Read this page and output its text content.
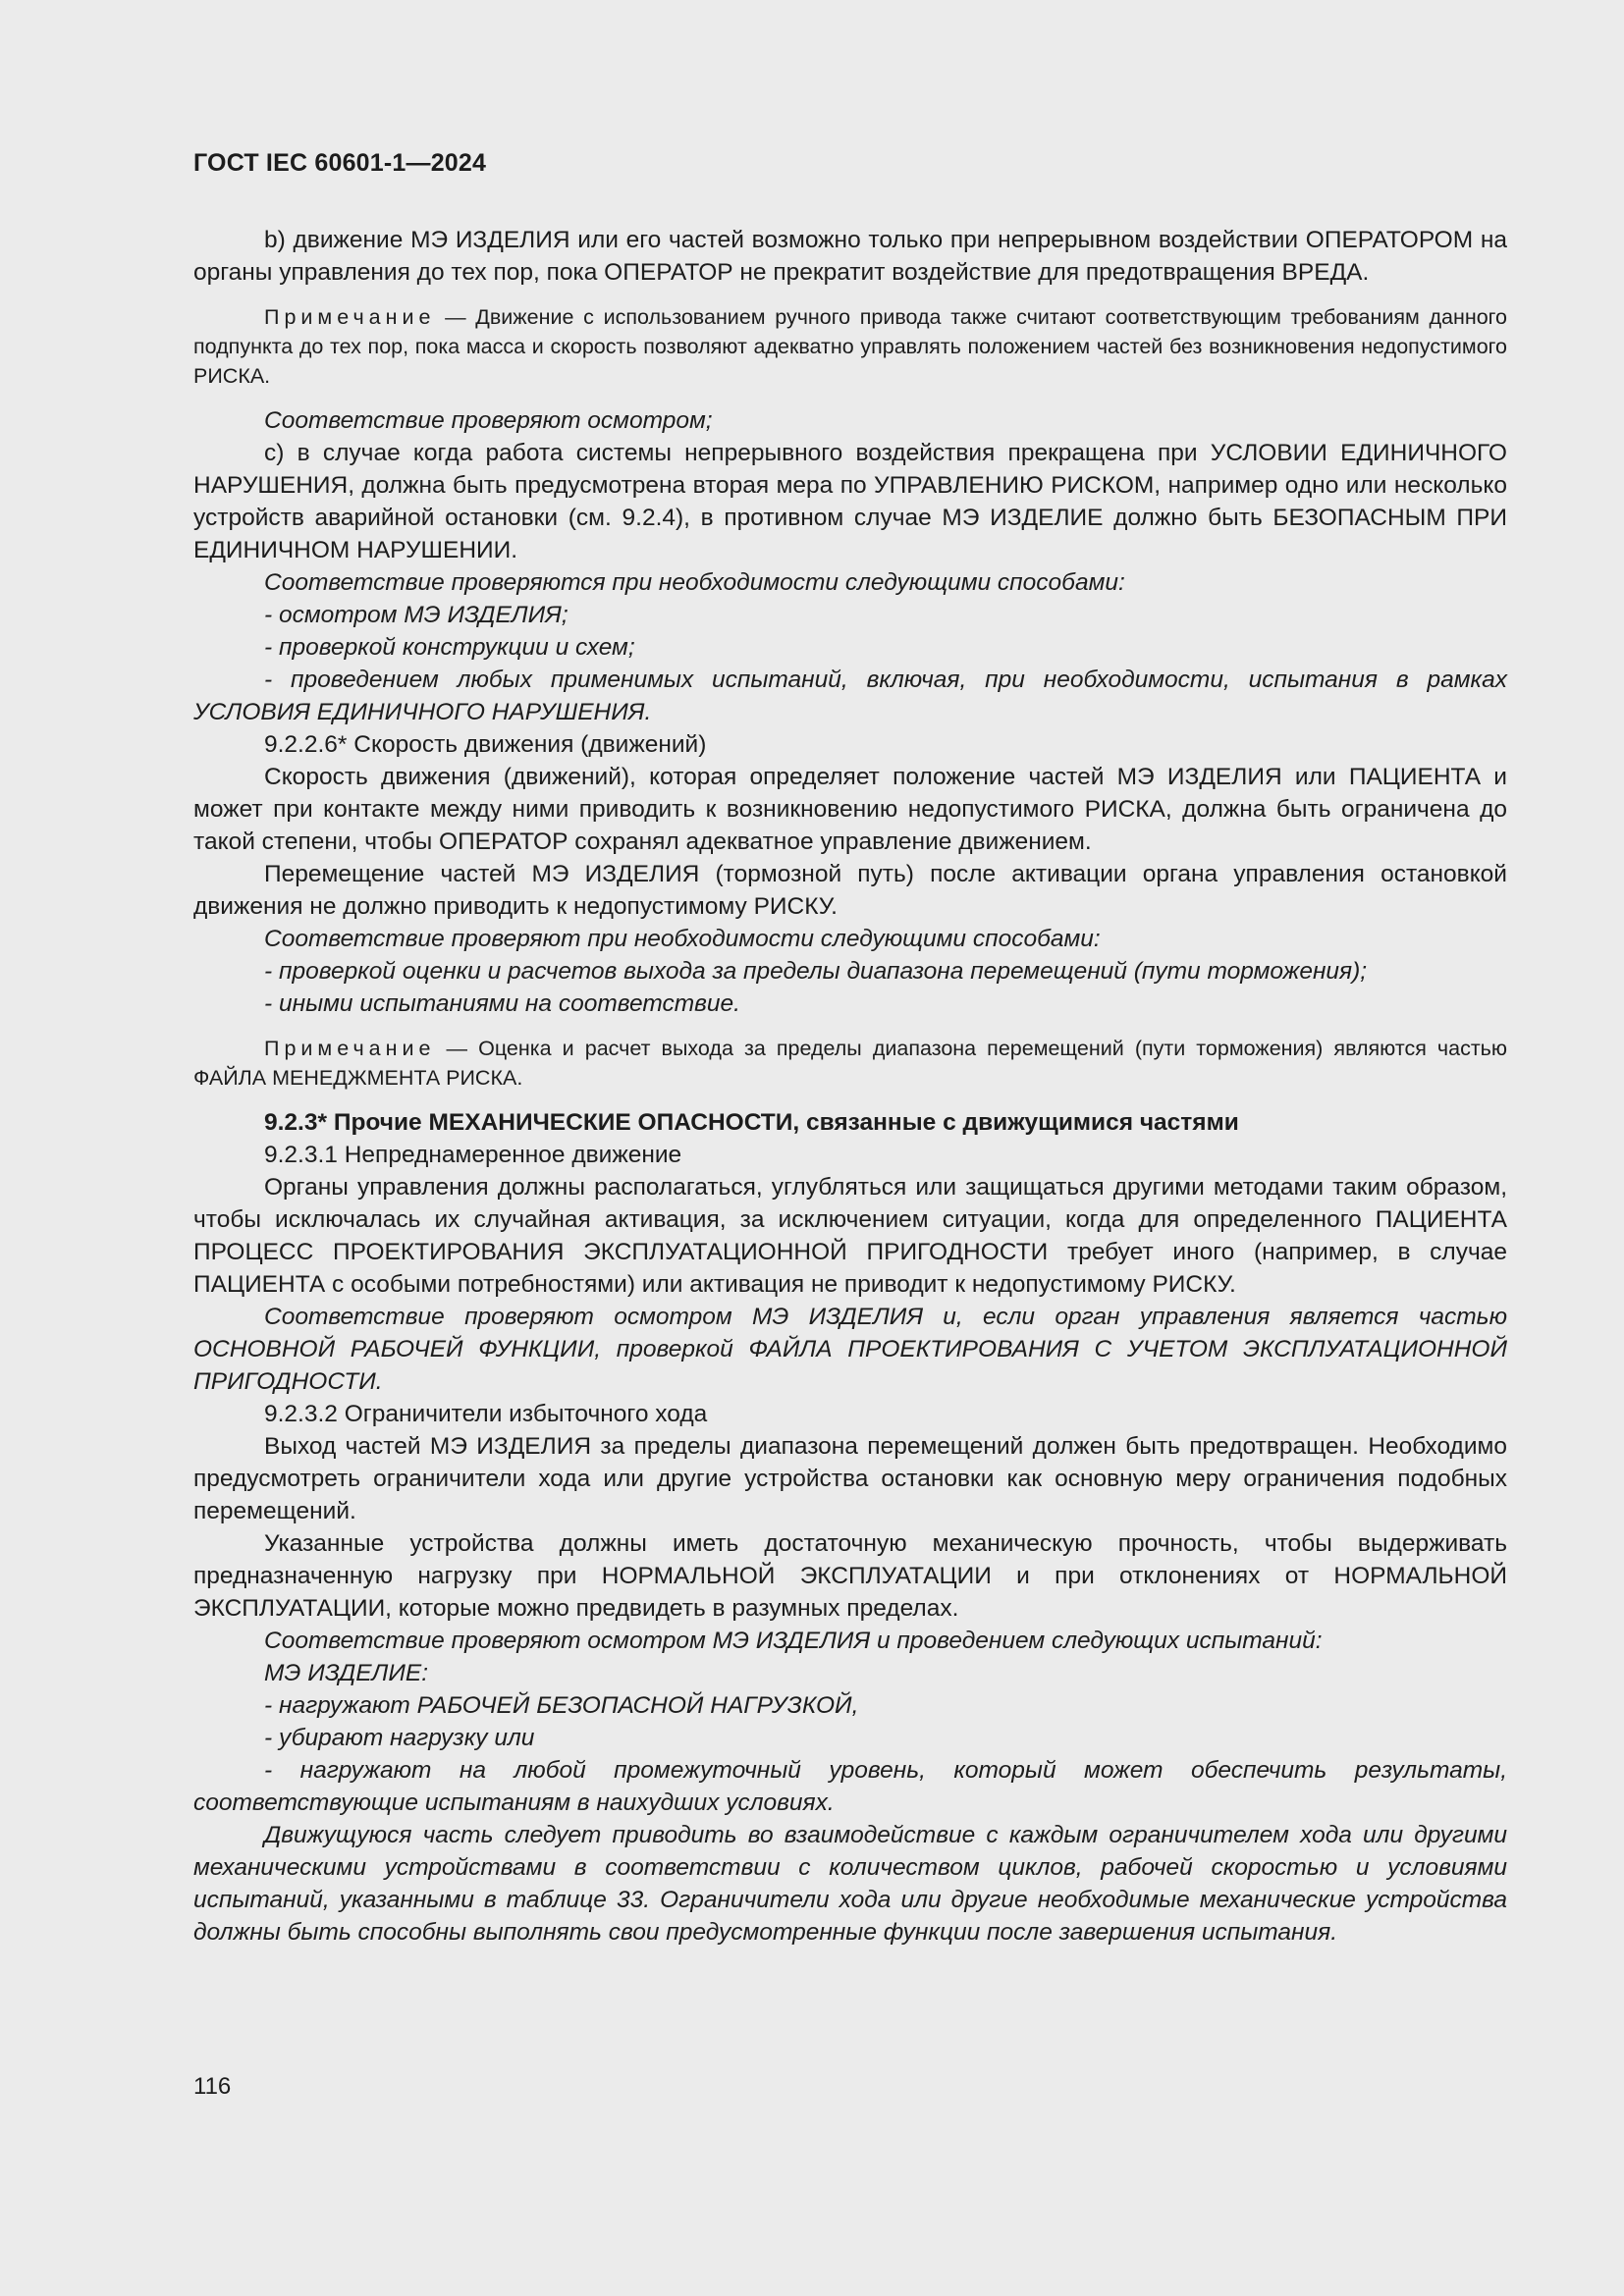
ГОСТ IEC 60601-1—2024

b) движение МЭ ИЗДЕЛИЯ или его частей возможно только при непрерывном воздействии ОПЕРАТОРОМ на органы управления до тех пор, пока ОПЕРАТОР не прекратит воздействие для предотвращения ВРЕДА.

Примечание — Движение с использованием ручного привода также считают соответствующим требованиям данного подпункта до тех пор, пока масса и скорость позволяют адекватно управлять положением частей без возникновения недопустимого РИСКА.

Соответствие проверяют осмотром;

c) в случае когда работа системы непрерывного воздействия прекращена при УСЛОВИИ ЕДИНИЧНОГО НАРУШЕНИЯ, должна быть предусмотрена вторая мера по УПРАВЛЕНИЮ РИСКОМ, например одно или несколько устройств аварийной остановки (см. 9.2.4), в противном случае МЭ ИЗДЕЛИЕ должно быть БЕЗОПАСНЫМ ПРИ ЕДИНИЧНОМ НАРУШЕНИИ.

Соответствие проверяются при необходимости следующими способами:

- осмотром МЭ ИЗДЕЛИЯ;

- проверкой конструкции и схем;

- проведением любых применимых испытаний, включая, при необходимости, испытания в рамках УСЛОВИЯ ЕДИНИЧНОГО НАРУШЕНИЯ.

9.2.2.6* Скорость движения (движений)

Скорость движения (движений), которая определяет положение частей МЭ ИЗДЕЛИЯ или ПАЦИЕНТА и может при контакте между ними приводить к возникновению недопустимого РИСКА, должна быть ограничена до такой степени, чтобы ОПЕРАТОР сохранял адекватное управление движением.

Перемещение частей МЭ ИЗДЕЛИЯ (тормозной путь) после активации органа управления остановкой движения не должно приводить к недопустимому РИСКУ.

Соответствие проверяют при необходимости следующими способами:

- проверкой оценки и расчетов выхода за пределы диапазона перемещений (пути торможения);

- иными испытаниями на соответствие.

Примечание — Оценка и расчет выхода за пределы диапазона перемещений (пути торможения) являются частью ФАЙЛА МЕНЕДЖМЕНТА РИСКА.

9.2.3* Прочие МЕХАНИЧЕСКИЕ ОПАСНОСТИ, связанные с движущимися частями

9.2.3.1 Непреднамеренное движение

Органы управления должны располагаться, углубляться или защищаться другими методами таким образом, чтобы исключалась их случайная активация, за исключением ситуации, когда для определенного ПАЦИЕНТА ПРОЦЕСС ПРОЕКТИРОВАНИЯ ЭКСПЛУАТАЦИОННОЙ ПРИГОДНОСТИ требует иного (например, в случае ПАЦИЕНТА с особыми потребностями) или активация не приводит к недопустимому РИСКУ.

Соответствие проверяют осмотром МЭ ИЗДЕЛИЯ и, если орган управления является частью ОСНОВНОЙ РАБОЧЕЙ ФУНКЦИИ, проверкой ФАЙЛА ПРОЕКТИРОВАНИЯ С УЧЕТОМ ЭКСПЛУАТАЦИОННОЙ ПРИГОДНОСТИ.

9.2.3.2 Ограничители избыточного хода

Выход частей МЭ ИЗДЕЛИЯ за пределы диапазона перемещений должен быть предотвращен. Необходимо предусмотреть ограничители хода или другие устройства остановки как основную меру ограничения подобных перемещений.

Указанные устройства должны иметь достаточную механическую прочность, чтобы выдерживать предназначенную нагрузку при НОРМАЛЬНОЙ ЭКСПЛУАТАЦИИ и при отклонениях от НОРМАЛЬНОЙ ЭКСПЛУАТАЦИИ, которые можно предвидеть в разумных пределах.

Соответствие проверяют осмотром МЭ ИЗДЕЛИЯ и проведением следующих испытаний:

МЭ ИЗДЕЛИЕ:

- нагружают РАБОЧЕЙ БЕЗОПАСНОЙ НАГРУЗКОЙ,

- убирают нагрузку или

- нагружают на любой промежуточный уровень, который может обеспечить результаты, соответствующие испытаниям в наихудших условиях.

Движущуюся часть следует приводить во взаимодействие с каждым ограничителем хода или другими механическими устройствами в соответствии с количеством циклов, рабочей скоростью и условиями испытаний, указанными в таблице 33. Ограничители хода или другие необходимые механические устройства должны быть способны выполнять свои предусмотренные функции после завершения испытания.

116
